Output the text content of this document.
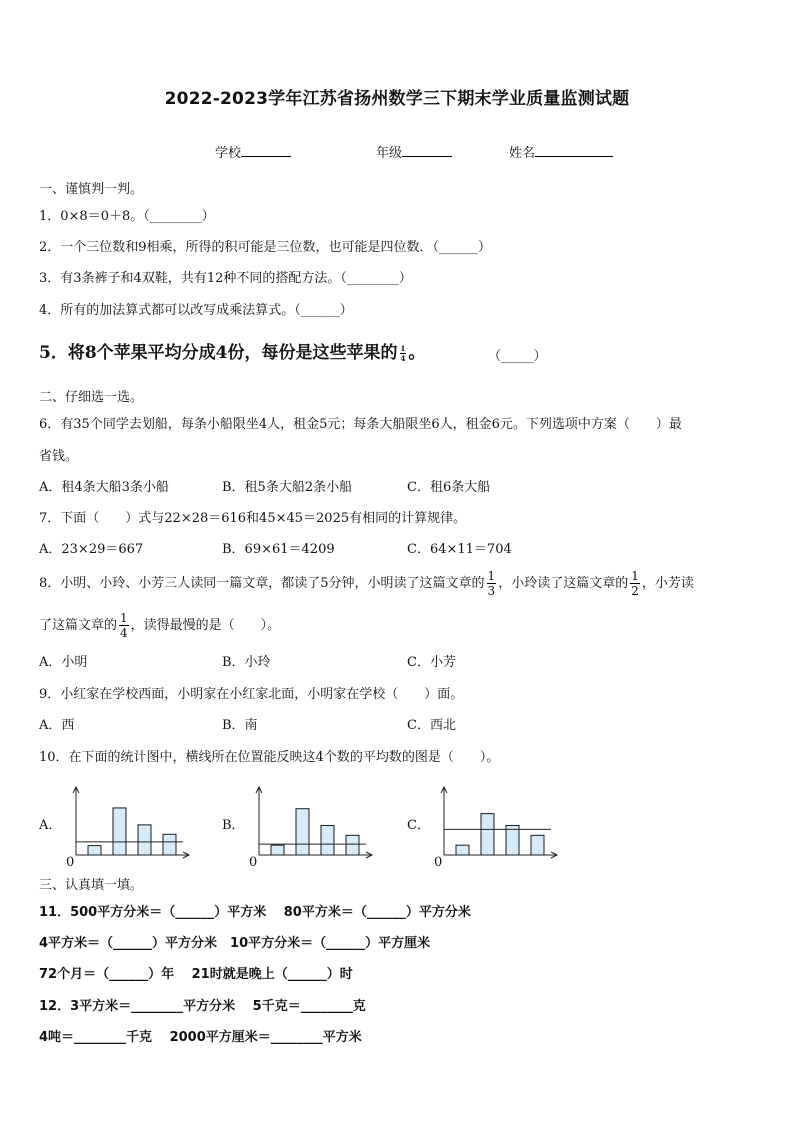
2022-2023学年江苏省扬州数学三下期末学业质量监测试题
学校	年级	姓名
一、谨慎判一判。
1．0×8＝0＋8。（________）
2．一个三位数和9相乘，所得的积可能是三位数，也可能是四位数．（______）
3．有3条裤子和4双鞋，共有12种不同的搭配方法。（________）
4．所有的加法算式都可以改写成乘法算式。（______）
5．将8个苹果平均分成4份，每份是这些苹果的 $\frac{1}{4}$ 。	（_____）
二、仔细选一选。
6．有35个同学去划船，每条小船限坐4人，租金5元；每条大船限坐6人，租金6元。下列选项中方案（　　）最
省钱。
A．租4条大船3条小船	B．租5条大船2条小船	C．租6条大船
7．下面（　　）式与22×28＝616和45×45＝2025有相同的计算规律。
A．23×29＝667	B．69×61＝4209	C．64×11＝704
8．小明、小玲、小芳三人读同一篇文章，都读了5分钟，小明读了这篇文章的 $\frac{1}{3}$ ，小玲读了这篇文章的 $\frac{1}{2}$ ，小芳读
了这篇文章的 $\frac{1}{4}$ ，读得最慢的是（　　）。
A．小明	B．小玲	C．小芳
9．小红家在学校西面，小明家在小红家北面，小明家在学校（　　）面。
A．西	B．南	C．西北
10．在下面的统计图中，横线所在位置能反映这4个数的平均数的图是（　　）。
A．	B．	C．
0	0	0
三、认真填一填。
11．500平方分米＝（______）平方米　 80平方米＝（______）平方分米
4平方米＝（______）平方分米　10平方分米＝（______）平方厘米
72个月＝（______）年　 21时就是晚上（______）时
12．3平方米＝________平方分米　 5千克＝________克
4吨＝________千克　 2000平方厘米＝________平方米
